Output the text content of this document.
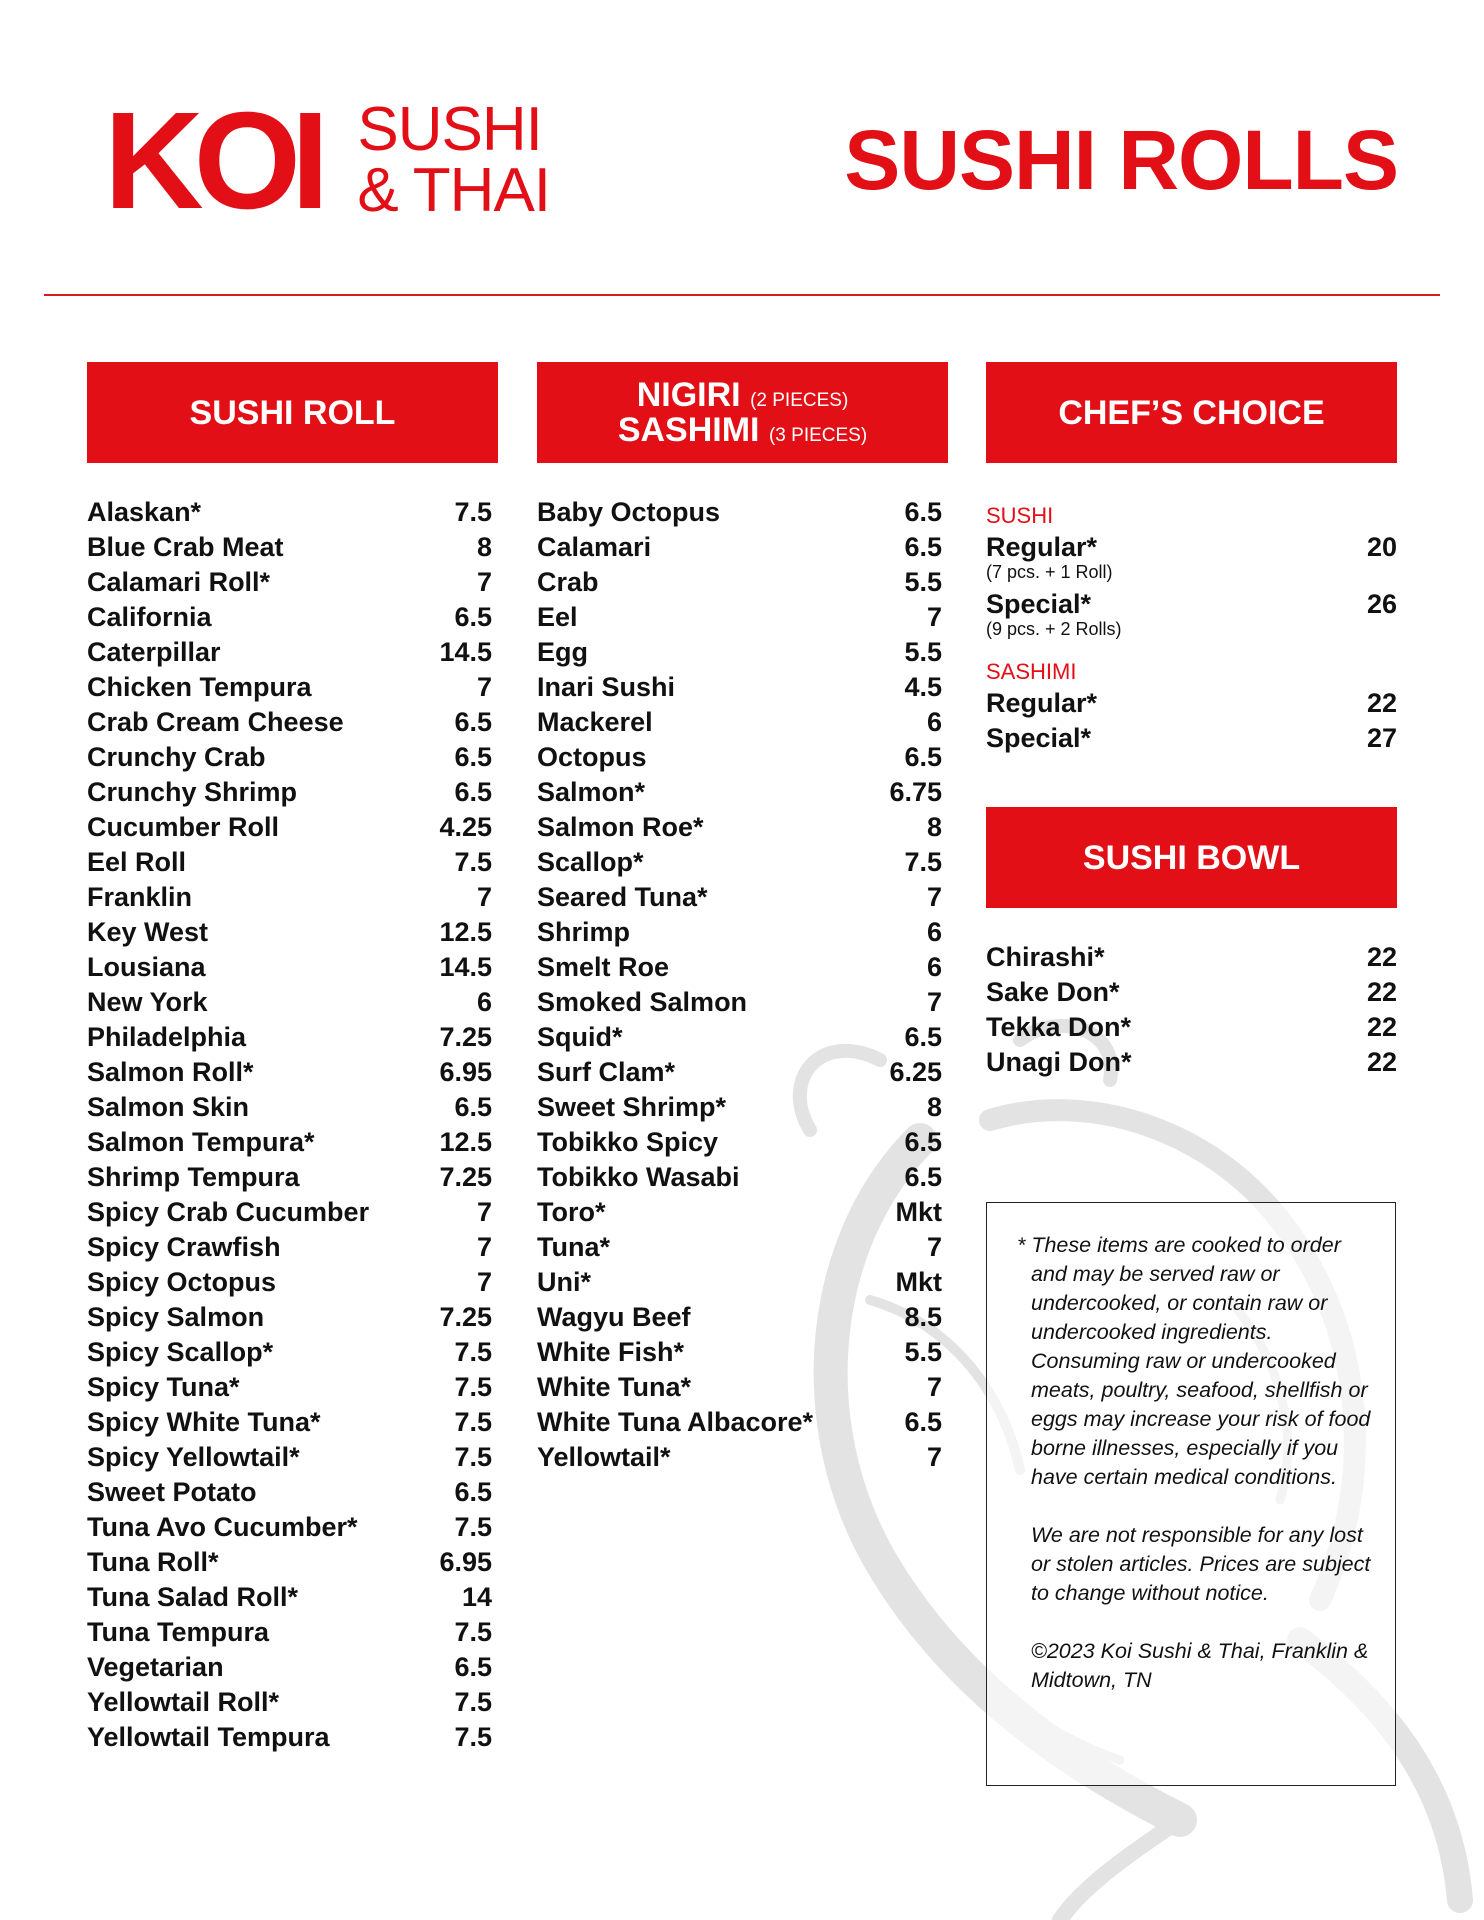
KOI SUSHI
& THAI	SUSHI ROLLS
SUSHI ROLL	NIGIRI (2 PIECES)
SASHIMI (3 PIECES)
CHEF’S CHOICE
Alaskan*	7.5
Blue Crab Meat	8
Calamari Roll*	7
California	6.5
Caterpillar	14.5
Chicken Tempura	7
Crab Cream Cheese	6.5
Crunchy Crab	6.5
Crunchy Shrimp	6.5
Cucumber Roll	4.25
Eel Roll	7.5
Franklin	7
Key West	12.5
Lousiana	14.5
New York	6
Philadelphia	7.25
Salmon Roll*	6.95
Salmon Skin	6.5
Salmon Tempura*	12.5
Shrimp Tempura	7.25
Spicy Crab Cucumber	7
Spicy Crawfish	7
Spicy Octopus	7
Spicy Salmon	7.25
Spicy Scallop*	7.5
Spicy Tuna*	7.5
Spicy White Tuna*	7.5
Spicy Yellowtail*	7.5
Sweet Potato	6.5
Tuna Avo Cucumber*	7.5
Tuna Roll*	6.95
Tuna Salad Roll*	14
Tuna Tempura	7.5
Vegetarian	6.5
Yellowtail Roll*	7.5
Yellowtail Tempura	7.5
Baby Octopus	6.5
Calamari	6.5
Crab	5.5
Eel	7
Egg	5.5
Inari Sushi	4.5
Mackerel	6
Octopus	6.5
Salmon*	6.75
Salmon Roe*	8
Scallop*	7.5
Seared Tuna*	7
Shrimp	6
Smelt Roe	6
Smoked Salmon	7
Squid*	6.5
Surf Clam*	6.25
Sweet Shrimp*	8
Tobikko Spicy	6.5
Tobikko Wasabi	6.5
Toro*	Mkt
Tuna*	7
Uni*	Mkt
Wagyu Beef	8.5
White Fish*	5.5
White Tuna*	7
White Tuna Albacore*	6.5
Yellowtail*	7
SUSHI
Regular*	20
(7 pcs. + 1 Roll)
Special*	26
(9 pcs. + 2 Rolls)
SASHIMI
Regular*	22
Special*	27
SUSHI BOWL
Chirashi*	22
Sake Don*	22
Tekka Don*	22
Unagi Don*	22

* These items are cooked to order and may be served raw or undercooked, or contain raw or undercooked ingredients. Consuming raw or undercooked meats, poultry, seafood, shellfish or eggs may increase your risk of food borne illnesses, especially if you have certain medical conditions.

We are not responsible for any lost or stolen articles. Prices are subject to change without notice.

©2023 Koi Sushi & Thai, Franklin & Midtown, TN
